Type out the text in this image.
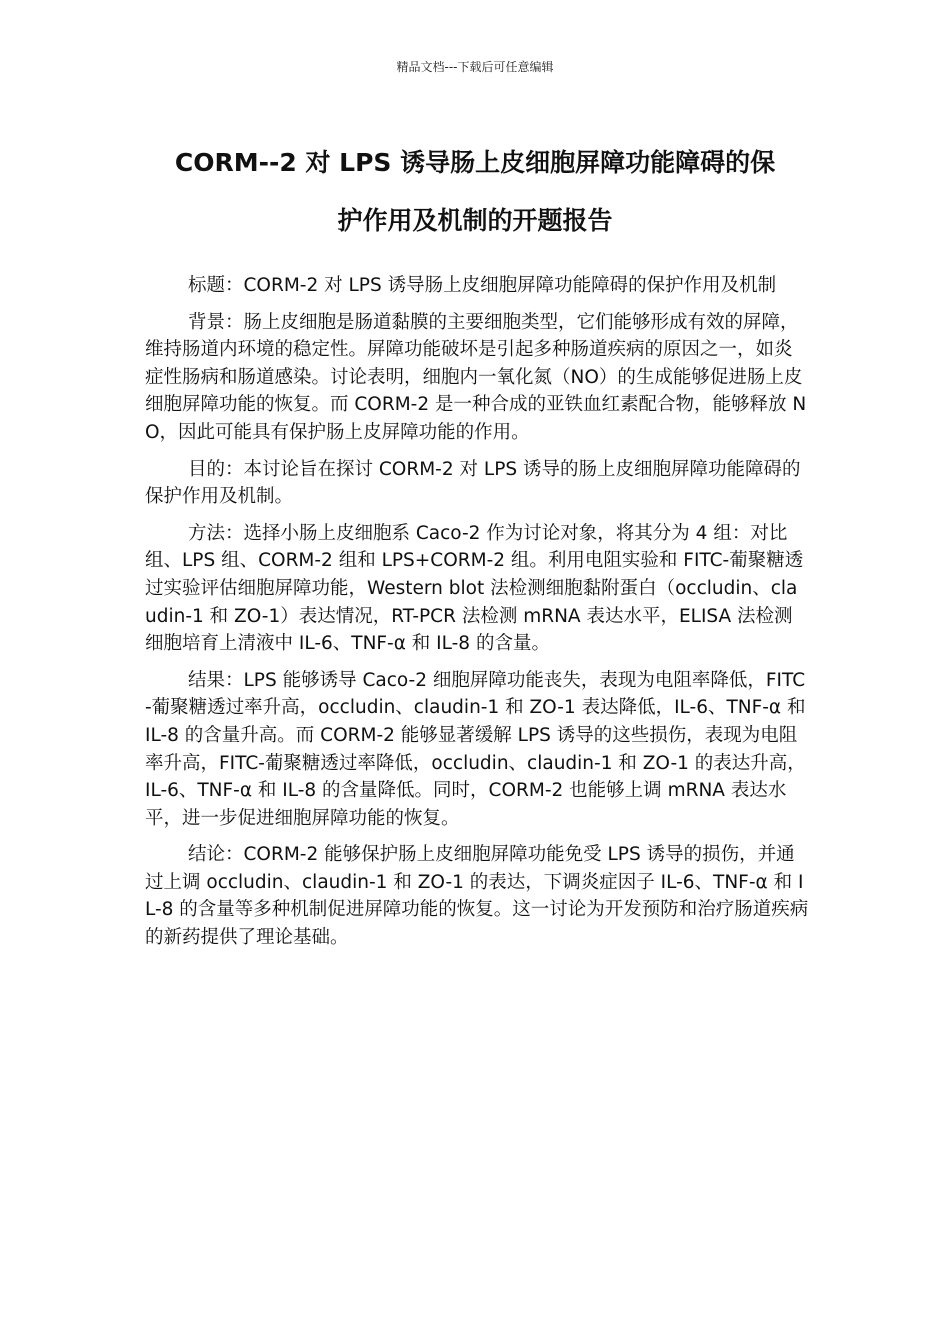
精品文档---下载后可任意编辑
CORM--2 对 LPS 诱导肠上皮细胞屏障功能障碍的保
护作用及机制的开题报告

标题：CORM-2 对 LPS 诱导肠上皮细胞屏障功能障碍的保护作用及机制

背景：肠上皮细胞是肠道黏膜的主要细胞类型，它们能够形成有效的屏障，维持肠道内环境的稳定性。屏障功能破坏是引起多种肠道疾病的原因之一，如炎症性肠病和肠道感染。讨论表明，细胞内一氧化氮（NO）的生成能够促进肠上皮细胞屏障功能的恢复。而 CORM-2 是一种合成的亚铁血红素配合物，能够释放 NO，因此可能具有保护肠上皮屏障功能的作用。

目的：本讨论旨在探讨 CORM-2 对 LPS 诱导的肠上皮细胞屏障功能障碍的保护作用及机制。

方法：选择小肠上皮细胞系 Caco-2 作为讨论对象，将其分为 4 组：对比组、LPS 组、CORM-2 组和 LPS+CORM-2 组。利用电阻实验和 FITC-葡聚糖透过实验评估细胞屏障功能，Western blot 法检测细胞黏附蛋白（occludin、claudin-1 和 ZO-1）表达情况，RT-PCR 法检测 mRNA 表达水平，ELISA 法检测细胞培育上清液中 IL-6、TNF-α 和 IL-8 的含量。

结果：LPS 能够诱导 Caco-2 细胞屏障功能丧失，表现为电阻率降低，FITC-葡聚糖透过率升高，occludin、claudin-1 和 ZO-1 表达降低，IL-6、TNF-α 和 IL-8 的含量升高。而 CORM-2 能够显著缓解 LPS 诱导的这些损伤，表现为电阻率升高，FITC-葡聚糖透过率降低，occludin、claudin-1 和 ZO-1 的表达升高，IL-6、TNF-α 和 IL-8 的含量降低。同时，CORM-2 也能够上调 mRNA 表达水平，进一步促进细胞屏障功能的恢复。

结论：CORM-2 能够保护肠上皮细胞屏障功能免受 LPS 诱导的损伤，并通过上调 occludin、claudin-1 和 ZO-1 的表达，下调炎症因子 IL-6、TNF-α 和 IL-8 的含量等多种机制促进屏障功能的恢复。这一讨论为开发预防和治疗肠道疾病的新药提供了理论基础。
